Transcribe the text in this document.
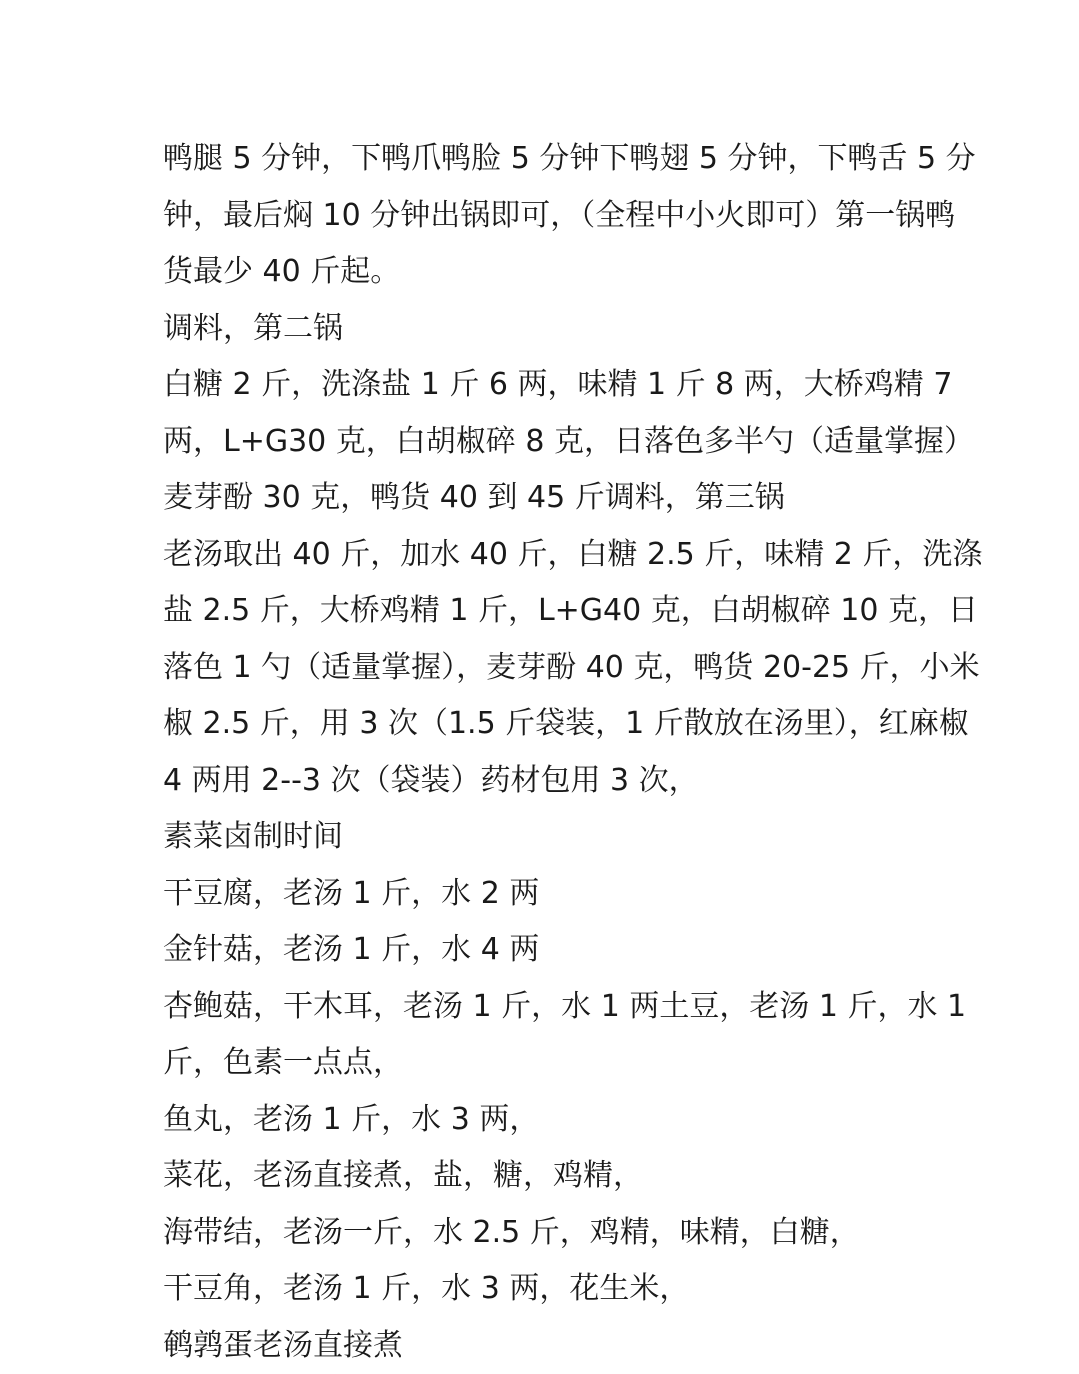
鸭腿 5 分钟，下鸭爪鸭脸 5 分钟下鸭翅 5 分钟，下鸭舌 5 分
钟，最后焖 10 分钟出锅即可，（全程中小火即可）第一锅鸭
货最少 40 斤起。
调料，第二锅
白糖 2 斤，洗涤盐 1 斤 6 两，味精 1 斤 8 两，大桥鸡精 7
两，L+G30 克，白胡椒碎 8 克，日落色多半勺（适量掌握）
麦芽酚 30 克，鸭货 40 到 45 斤调料，第三锅
老汤取出 40 斤，加水 40 斤，白糖 2.5 斤，味精 2 斤，洗涤
盐 2.5 斤，大桥鸡精 1 斤，L+G40 克，白胡椒碎 10 克，日
落色 1 勺（适量掌握），麦芽酚 40 克，鸭货 20-25 斤，小米
椒 2.5 斤，用 3 次（1.5 斤袋装，1 斤散放在汤里），红麻椒
4 两用 2--3 次（袋装）药材包用 3 次，
素菜卤制时间
干豆腐，老汤 1 斤，水 2 两
金针菇，老汤 1 斤，水 4 两
杏鲍菇，干木耳，老汤 1 斤，水 1 两土豆，老汤 1 斤，水 1
斤，色素一点点，
鱼丸，老汤 1 斤，水 3 两，
菜花，老汤直接煮，盐，糖，鸡精，
海带结，老汤一斤，水 2.5 斤，鸡精，味精，白糖，
干豆角，老汤 1 斤，水 3 两，花生米，
鹌鹑蛋老汤直接煮
